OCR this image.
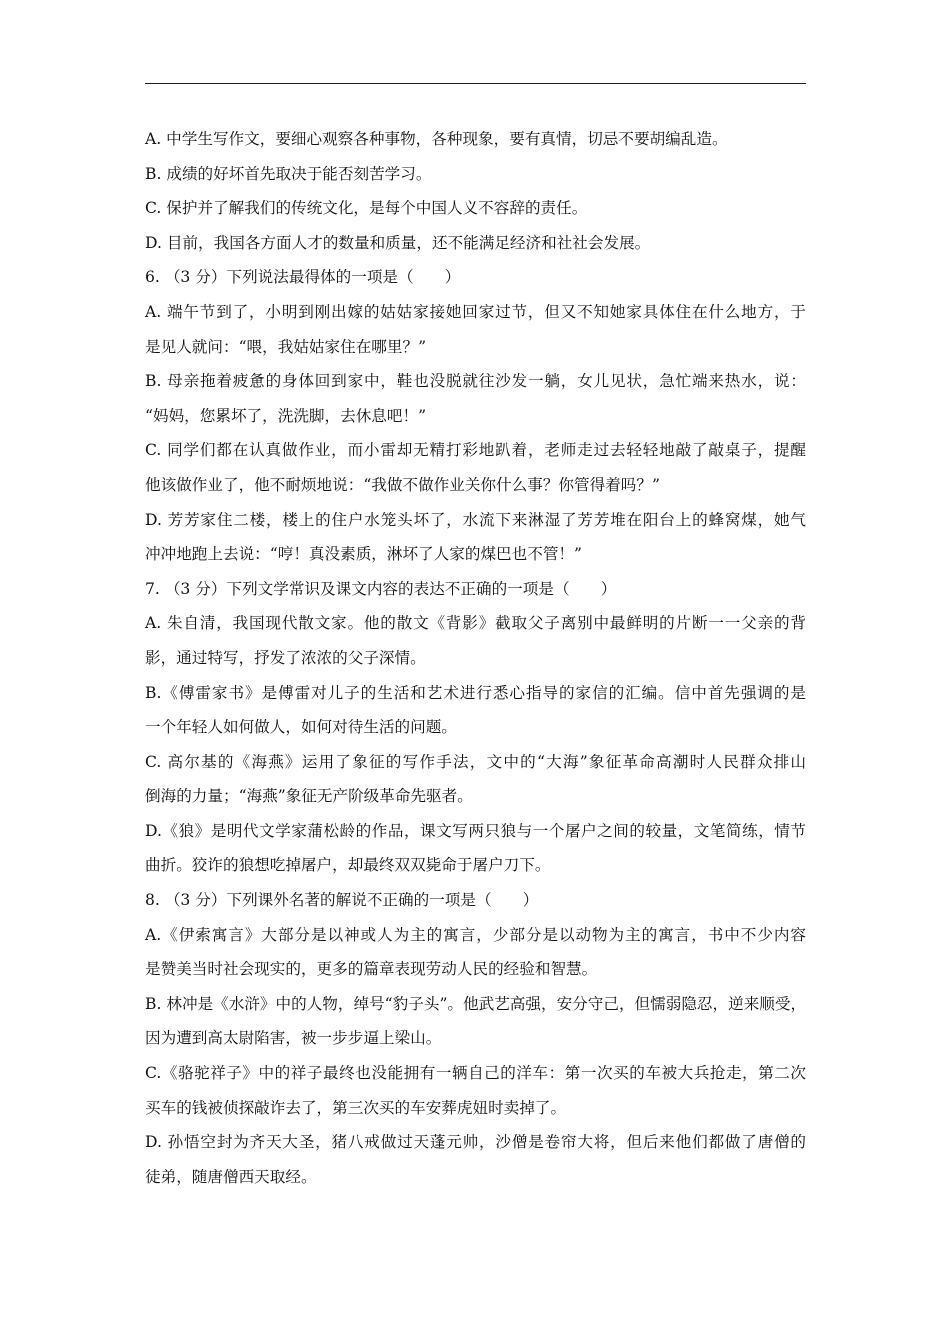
A. 中学生写作文，要细心观察各种事物，各种现象，要有真情，切忌不要胡编乱造。
B. 成绩的好坏首先取决于能否刻苦学习。
C. 保护并了解我们的传统文化，是每个中国人义不容辞的责任。
D. 目前，我国各方面人才的数量和质量，还不能满足经济和社社会发展。
6. （3 分）下列说法最得体的一项是（　　）
A. 端午节到了，小明到刚出嫁的姑姑家接她回家过节，但又不知她家具体住在什么地方，于
是见人就问：“喂，我姑姑家住在哪里？”
B. 母亲拖着疲惫的身体回到家中，鞋也没脱就往沙发一躺，女儿见状，急忙端来热水，说：
“妈妈，您累坏了，洗洗脚，去休息吧！”
C. 同学们都在认真做作业，而小雷却无精打彩地趴着，老师走过去轻轻地敲了敲桌子，提醒
他该做作业了，他不耐烦地说：“我做不做作业关你什么事？你管得着吗？”
D. 芳芳家住二楼，楼上的住户水笼头坏了，水流下来淋湿了芳芳堆在阳台上的蜂窝煤，她气
冲冲地跑上去说：“哼！真没素质，淋坏了人家的煤巴也不管！”
7. （3 分）下列文学常识及课文内容的表达不正确的一项是（　　）
A. 朱自清，我国现代散文家。他的散文《背影》截取父子离别中最鲜明的片断一一父亲的背
影，通过特写，抒发了浓浓的父子深情。
B.《傅雷家书》是傅雷对儿子的生活和艺术进行悉心指导的家信的汇编。信中首先强调的是
一个年轻人如何做人，如何对待生活的问题。
C. 高尔基的《海燕》运用了象征的写作手法，文中的“大海”象征革命高潮时人民群众排山
倒海的力量；“海燕”象征无产阶级革命先驱者。
D.《狼》是明代文学家蒲松龄的作品，课文写两只狼与一个屠户之间的较量，文笔简练，情节
曲折。狡诈的狼想吃掉屠户，却最终双双毙命于屠户刀下。
8. （3 分）下列课外名著的解说不正确的一项是（　　）
A.《伊索寓言》大部分是以神或人为主的寓言，少部分是以动物为主的寓言，书中不少内容
是赞美当时社会现实的，更多的篇章表现劳动人民的经验和智慧。
B. 林冲是《水浒》中的人物，绰号“豹子头”。他武艺高强，安分守己，但懦弱隐忍，逆来顺受，
因为遭到高太尉陷害，被一步步逼上梁山。
C.《骆驼祥子》中的祥子最终也没能拥有一辆自己的洋车：第一次买的车被大兵抢走，第二次
买车的钱被侦探敲诈去了，第三次买的车安葬虎妞时卖掉了。
D. 孙悟空封为齐天大圣，猪八戒做过天蓬元帅，沙僧是卷帘大将，但后来他们都做了唐僧的
徒弟，随唐僧西天取经。
